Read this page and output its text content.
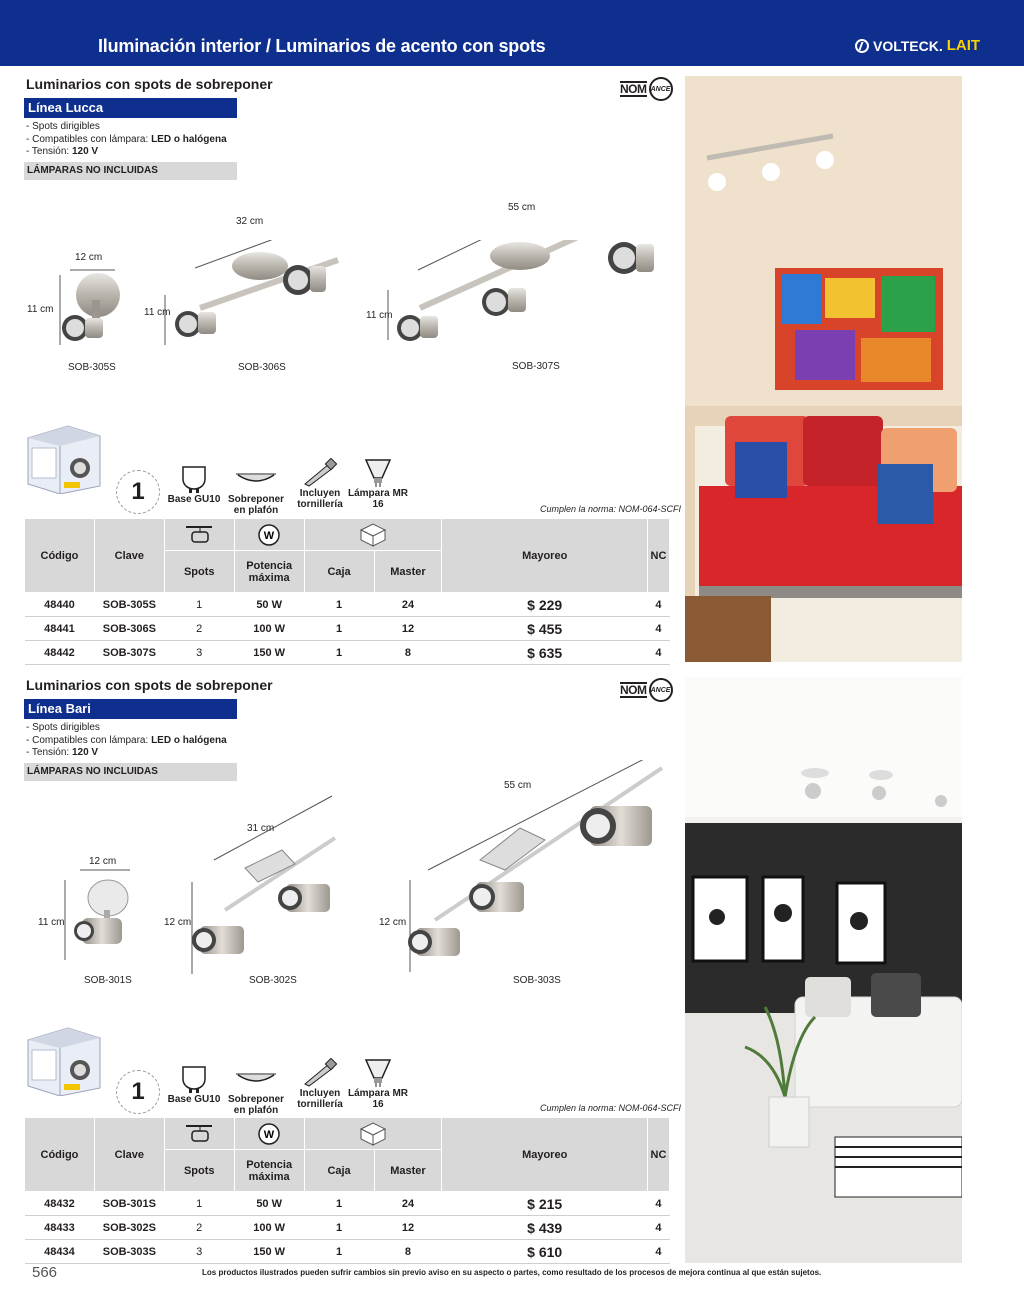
Iluminación interior / Luminarios de acento con spots	VOLTECK. LAIT
Luminarios con spots de sobreponer	NOM ANCE
Línea Lucca
- Spots dirigibles
- Compatibles con lámpara: LED o halógena
- Tensión: 120 V
LÁMPARAS NO INCLUIDAS
12 cm
11 cm
SOB-305S
32 cm
11 cm
SOB-306S
55 cm
11 cm
SOB-307S
1	Base GU10 Sobreponer en plafón
Incluyen tornillería
Lámpara MR 16	Cumplen la norma: NOM-064-SCFI
Código	Clave		W			Mayoreo	NC
		Spots	Potencia máxima	Caja	Master		
48440	SOB-305S	1	50 W	1	24	$ 229	4
48441	SOB-306S	2	100 W	1	12	$ 455	4
48442	SOB-307S	3	150 W	1	8	$ 635	4
Luminarios con spots de sobreponer	NOM ANCE
Línea Bari
- Spots dirigibles
- Compatibles con lámpara: LED o halógena
- Tensión: 120 V
LÁMPARAS NO INCLUIDAS
12 cm
11 cm
SOB-301S
31 cm
12 cm
SOB-302S
55 cm
12 cm
SOB-303S
1	Base GU10 Sobreponer en plafón
Incluyen tornillería
Lámpara MR 16	Cumplen la norma: NOM-064-SCFI
Código	Clave		W			Mayoreo	NC
		Spots	Potencia máxima	Caja	Master		
48432	SOB-301S	1	50 W	1	24	$ 215	4
48433	SOB-302S	2	100 W	1	12	$ 439	4
48434	SOB-303S	3	150 W	1	8	$ 610	4
566	Los productos ilustrados pueden sufrir cambios sin previo aviso en su aspecto o partes, como resultado de los procesos de mejora continua al que están sujetos.
